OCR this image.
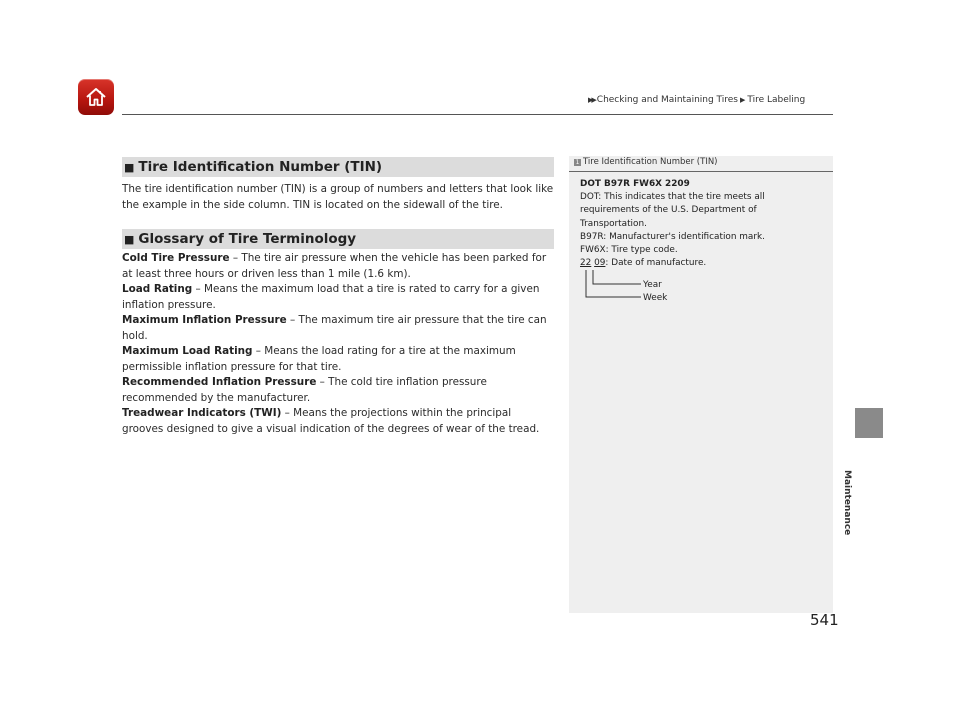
▶▶ Checking and Maintaining Tires ▶ Tire Labeling
■ Tire Identification Number (TIN)
The tire identification number (TIN) is a group of numbers and letters that look like the example in the side column. TIN is located on the sidewall of the tire.
■ Glossary of Tire Terminology
Cold Tire Pressure – The tire air pressure when the vehicle has been parked for at least three hours or driven less than 1 mile (1.6 km).
Load Rating – Means the maximum load that a tire is rated to carry for a given inflation pressure.
Maximum Inflation Pressure – The maximum tire air pressure that the tire can hold.
Maximum Load Rating – Means the load rating for a tire at the maximum permissible inflation pressure for that tire.
Recommended Inflation Pressure – The cold tire inflation pressure recommended by the manufacturer.
Treadwear Indicators (TWI) – Means the projections within the principal grooves designed to give a visual indication of the degrees of wear of the tread.
1 Tire Identification Number (TIN)
DOT B97R FW6X 2209
DOT: This indicates that the tire meets all requirements of the U.S. Department of Transportation.
B97R: Manufacturer's identification mark.
FW6X: Tire type code.
22 09: Date of manufacture.
Year
Week
Maintenance
541
